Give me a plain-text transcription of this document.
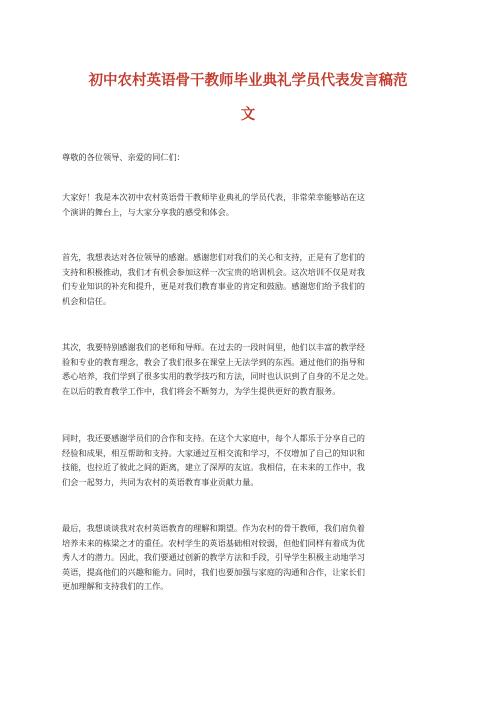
初中农村英语骨干教师毕业典礼学员代表发言稿范
文
尊敬的各位领导、亲爱的同仁们：
大家好！我是本次初中农村英语骨干教师毕业典礼的学员代表，非常荣幸能够站在这
个演讲的舞台上，与大家分享我的感受和体会。
首先，我想表达对各位领导的感谢。感谢您们对我们的关心和支持，正是有了您们的
支持和积极推动，我们才有机会参加这样一次宝贵的培训机会。这次培训不仅是对我
们专业知识的补充和提升，更是对我们教育事业的肯定和鼓励。感谢您们给予我们的
机会和信任。
其次，我要特别感谢我们的老师和导师。在过去的一段时间里，他们以丰富的教学经
验和专业的教育理念，教会了我们很多在课堂上无法学到的东西。通过他们的指导和
悉心培养，我们学到了很多实用的教学技巧和方法，同时也认识到了自身的不足之处。
在以后的教育教学工作中，我们将会不断努力，为学生提供更好的教育服务。
同时，我还要感谢学员们的合作和支持。在这个大家庭中，每个人都乐于分享自己的
经验和成果，相互帮助和支持。大家通过互相交流和学习，不仅增加了自己的知识和
技能，也拉近了彼此之间的距离，建立了深厚的友谊。我相信，在未来的工作中，我
们会一起努力，共同为农村的英语教育事业贡献力量。
最后，我想谈谈我对农村英语教育的理解和期望。作为农村的骨干教师，我们肩负着
培养未来的栋梁之才的重任。农村学生的英语基础相对较弱，但他们同样有着成为优
秀人才的潜力。因此，我们要通过创新的教学方法和手段，引导学生积极主动地学习
英语，提高他们的兴趣和能力。同时，我们也要加强与家庭的沟通和合作，让家长们
更加理解和支持我们的工作。
